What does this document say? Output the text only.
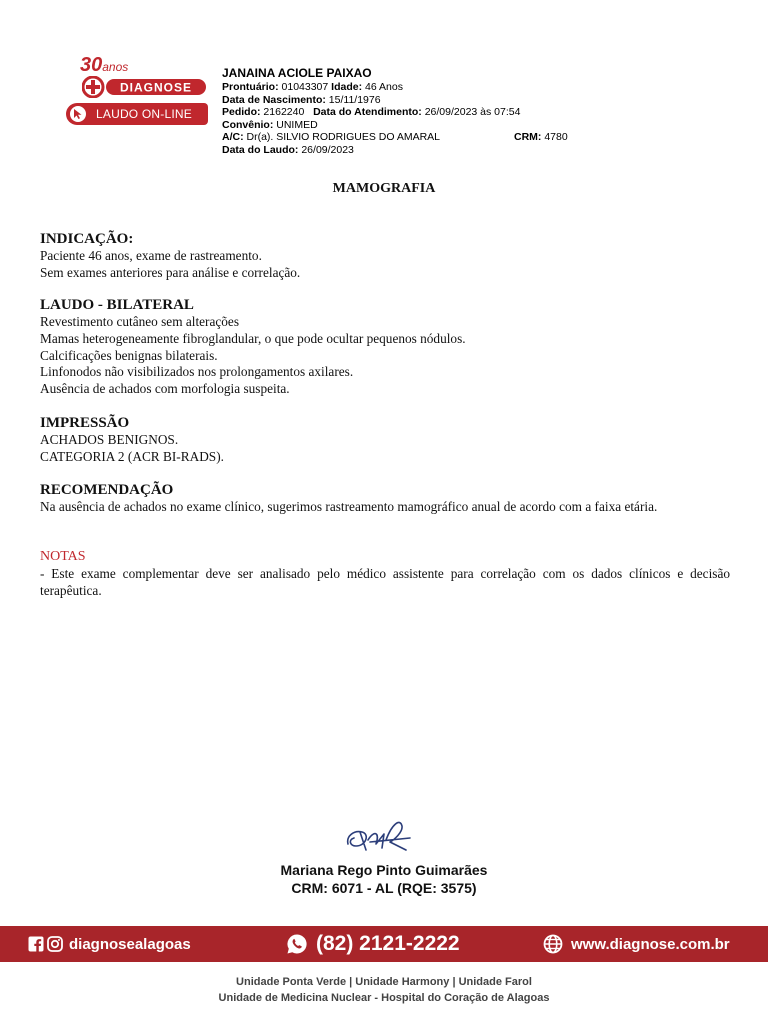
30anos
DIAGNOSE
LAUDO ON-LINE
JANAINA ACIOLE PAIXAO
Prontuário: 01043307 Idade: 46 Anos
Data de Nascimento: 15/11/1976
Pedido: 2162240 Data do Atendimento: 26/09/2023 às 07:54
Convênio: UNIMED
A/C: Dr(a). SILVIO RODRIGUES DO AMARAL	CRM: 4780
Data do Laudo: 26/09/2023
MAMOGRAFIA
INDICAÇÃO:

Paciente 46 anos, exame de rastreamento.

Sem exames anteriores para análise e correlação.

LAUDO - BILATERAL

Revestimento cutâneo sem alterações

Mamas heterogeneamente fibroglandular, o que pode ocultar pequenos nódulos.

Calcificações benignas bilaterais.

Linfonodos não visibilizados nos prolongamentos axilares.

Ausência de achados com morfologia suspeita.

IMPRESSÃO

ACHADOS BENIGNOS.

CATEGORIA 2 (ACR BI-RADS).

RECOMENDAÇÃO

Na ausência de achados no exame clínico, sugerimos rastreamento mamográfico anual de acordo com a faixa etária.

NOTAS

- Este exame complementar deve ser analisado pelo médico assistente para correlação com os dados clínicos e decisão terapêutica.

Mariana Rego Pinto Guimarães
CRM: 6071 - AL (RQE: 3575)
diagnosealagoas	(82) 2121-2222	www.diagnose.com.br
Unidade Ponta Verde | Unidade Harmony | Unidade Farol
Unidade de Medicina Nuclear - Hospital do Coração de Alagoas
